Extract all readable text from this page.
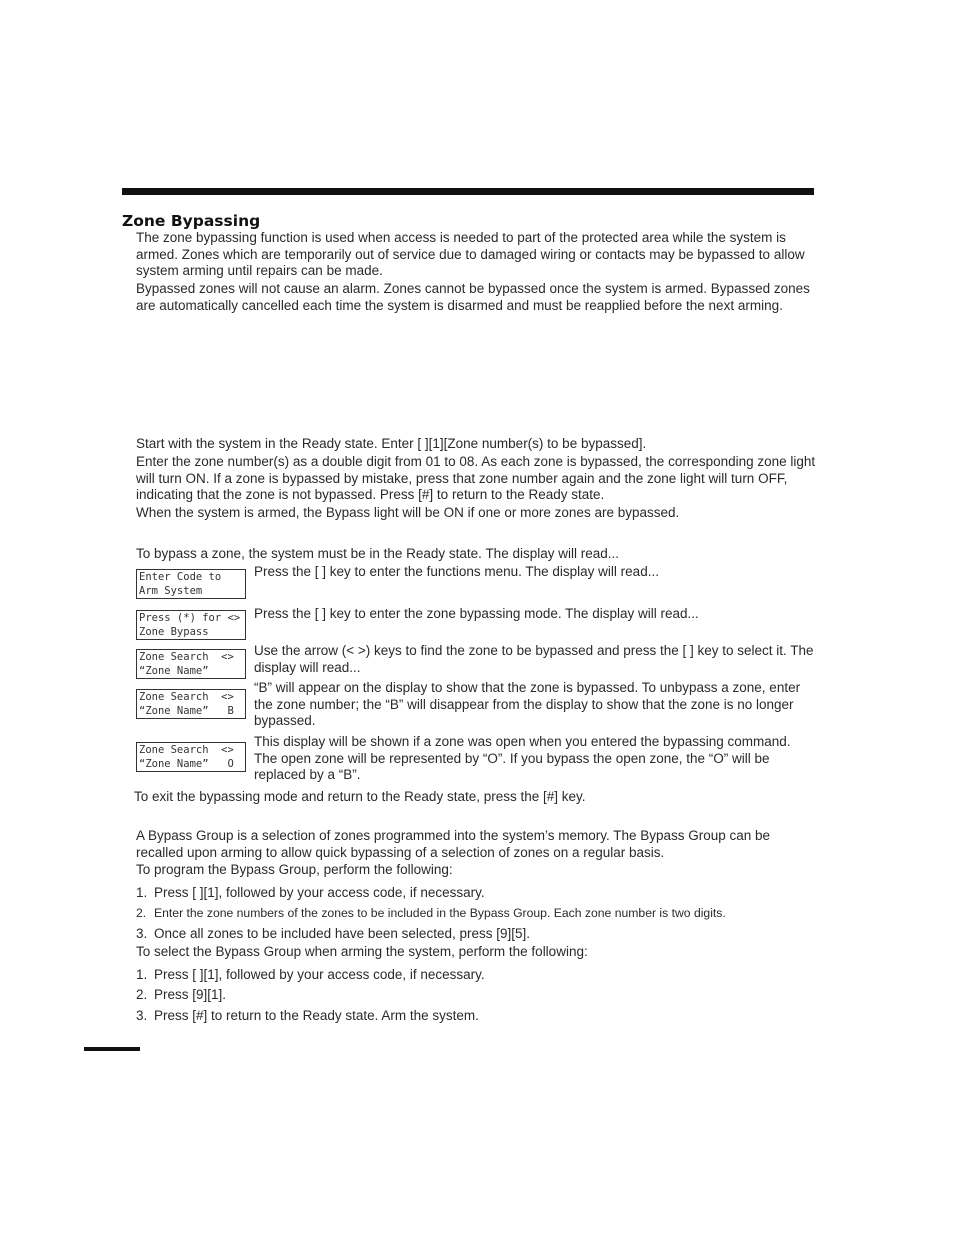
Zone Bypassing
The zone bypassing function is used when access is needed to part of the protected area while the system is armed. Zones which are temporarily out of service due to damaged wiring or contacts may be bypassed to allow system arming until repairs can be made.
Bypassed zones will not cause an alarm. Zones cannot be bypassed once the system is armed. Bypassed zones are automatically cancelled each time the system is disarmed and must be reapplied before the next arming.
Start with the system in the Ready state. Enter [ ][1][Zone number(s) to be bypassed].
Enter the zone number(s) as a double digit from 01 to 08. As each zone is bypassed, the corresponding zone light will turn ON. If a zone is bypassed by mistake, press that zone number again and the zone light will turn OFF, indicating that the zone is not bypassed. Press [#] to return to the Ready state.
When the system is armed, the Bypass light will be ON if one or more zones are bypassed.
To bypass a zone, the system must be in the Ready state. The display will read...
Enter Code to
Arm System
Press the [ ] key to enter the functions menu. The display will read...
Press (*) for <>
Zone Bypass
Press the [ ] key to enter the zone bypassing mode. The display will read...
Zone Search  <>
“Zone Name”
Use the arrow (< >) keys to find the zone to be bypassed and press the [ ] key to select it. The display will read...
Zone Search  <>
“Zone Name”   B
“B” will appear on the display to show that the zone is bypassed. To unbypass a zone, enter the zone number; the “B” will disappear from the display to show that the zone is no longer bypassed.
Zone Search  <>
“Zone Name”   O
This display will be shown if a zone was open when you entered the bypassing command. The open zone will be represented by “O”. If you bypass the open zone, the “O” will be replaced by a “B”.
To exit the bypassing mode and return to the Ready state, press the [#] key.
A Bypass Group is a selection of zones programmed into the system’s memory. The Bypass Group can be recalled upon arming to allow quick bypassing of a selection of zones on a regular basis.
To program the Bypass Group, perform the following:
1. Press [ ][1], followed by your access code, if necessary.
2. Enter the zone numbers of the zones to be included in the Bypass Group. Each zone number is two digits.
3. Once all zones to be included have been selected, press [9][5].
To select the Bypass Group when arming the system, perform the following:
1. Press [ ][1], followed by your access code, if necessary.
2. Press [9][1].
3. Press [#] to return to the Ready state. Arm the system.
